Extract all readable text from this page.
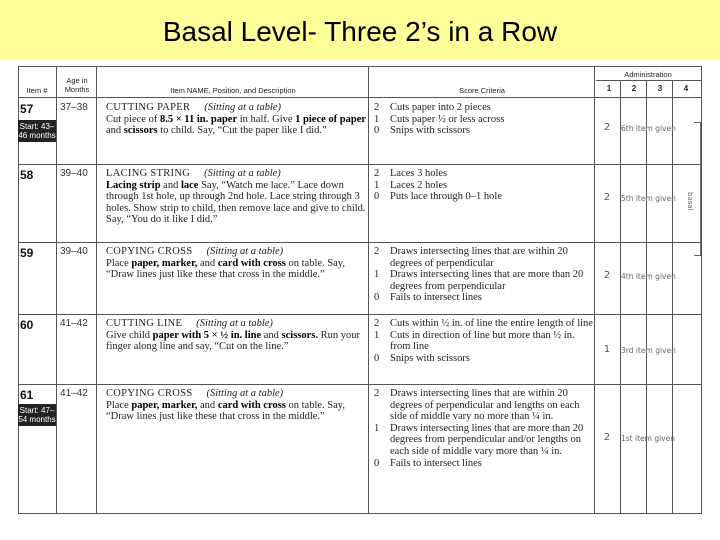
Basal Level- Three 2’s in a Row
Item #
Age in Months	Item NAME, Position, and Description	Score Criteria
Administration
1	2	3	4
57
Start: 43–46 months
37–38	CUTTING PAPER (Sitting at a table)
Cut piece of 8.5 × 11 in. paper in half. Give 1 piece of paper and scissors to child. Say, “Cut the paper like I did.”
2	Cuts paper into 2 pieces
1	Cuts paper ½ or less across
0	Snips with scissors	2	6th item given
58	39–40	LACING STRING (Sitting at a table)
Lacing strip and lace Say, “Watch me lace.” Lace down through 1st hole, up through 2nd hole. Lace string through 3 holes. Show strip to child, then remove lace and give to child. Say, “You do it like I did.”
2	Laces 3 holes
1	Laces 2 holes
0	Puts lace through 0–1 hole	2	5th item given
59	39–40	COPYING CROSS (Sitting at a table)
Place paper, marker, and card with cross on table. Say, “Draw lines just like these that cross in the middle.”
2	Draws intersecting lines that are within 20 degrees of perpendicular
1	Draws intersecting lines that are more than 20 degrees from perpendicular
0	Fails to intersect lines
2	4th item given
60	41–42	CUTTING LINE (Sitting at a table)
Give child paper with 5 × ½ in. line and scissors. Run your finger along line and say, “Cut on the line.”
2	Cuts within ½ in. of line the entire length of line
1	Cuts in direction of line but more than ½ in. from line
0	Snips with scissors
1	3rd item given
61
Start: 47–54 months
41–42	COPYING CROSS (Sitting at a table)
Place paper, marker, and card with cross on table. Say, “Draw lines just like these that cross in the middle.”
2	Draws intersecting lines that are within 20 degrees of perpendicular and lengths on each side of middle vary no more than ¼ in.
1	Draws intersecting lines that are more than 20 degrees from perpendicular and/or lengths on each side of middle vary more than ¼ in.
0	Fails to intersect lines
2	1st item given
basal
